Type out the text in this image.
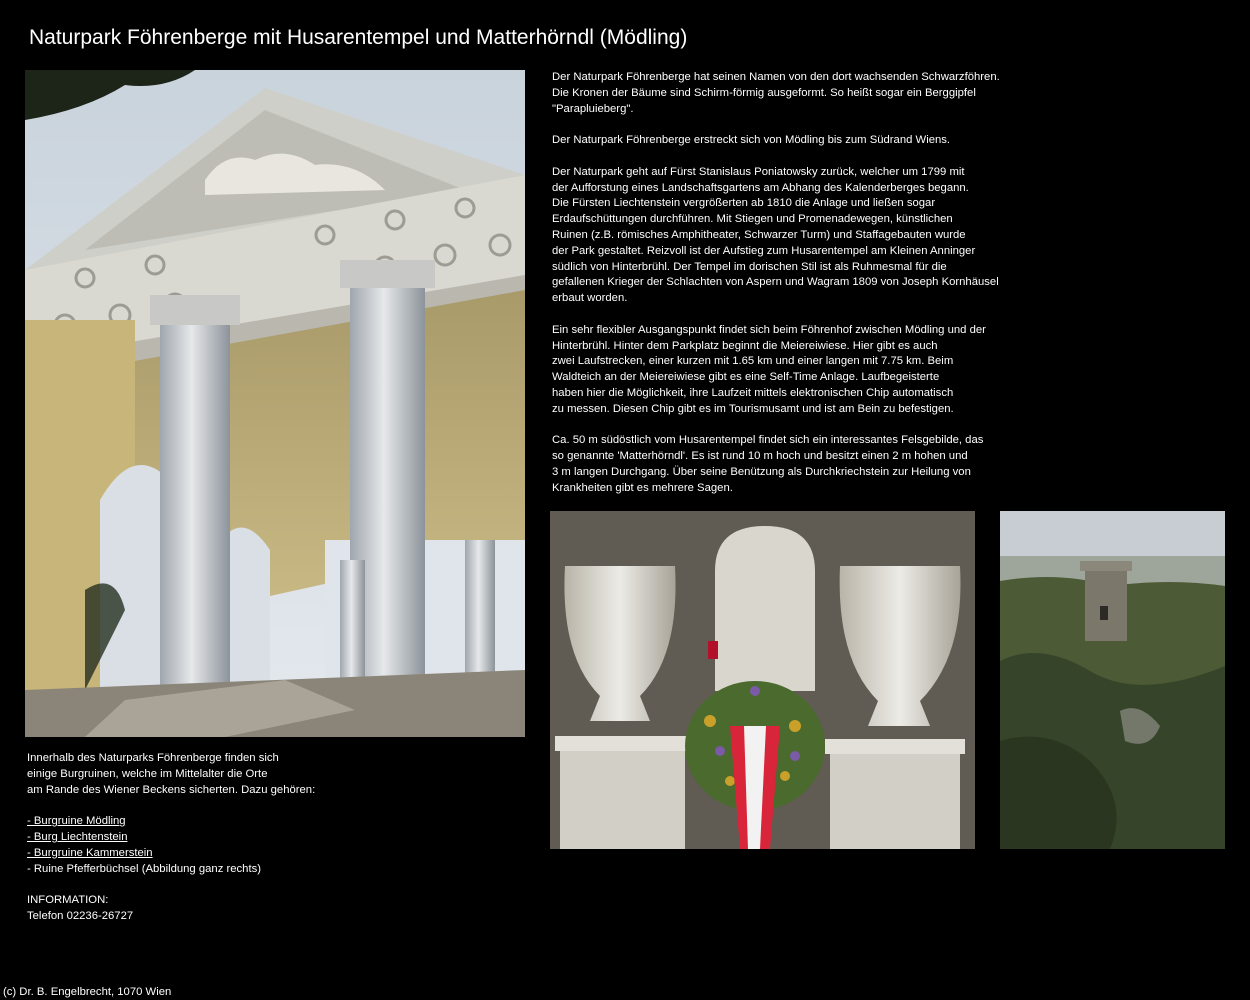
Naturpark Föhrenberge mit Husarentempel und Matterhörndl (Mödling)

Der Naturpark Föhrenberge hat seinen Namen von den dort wachsenden Schwarzföhren.
Die Kronen der Bäume sind Schirm-förmig ausgeformt. So heißt sogar ein Berggipfel
"Parapluieberg".

Der Naturpark Föhrenberge erstreckt sich von Mödling bis zum Südrand Wiens.

Der Naturpark geht auf Fürst Stanislaus Poniatowsky zurück, welcher um 1799 mit
der Aufforstung eines Landschaftsgartens am Abhang des Kalenderberges begann.
Die Fürsten Liechtenstein vergrößerten ab 1810 die Anlage und ließen sogar
Erdaufschüttungen durchführen. Mit Stiegen und Promenadewegen, künstlichen
Ruinen (z.B. römisches Amphitheater, Schwarzer Turm) und Staffagebauten wurde
der Park gestaltet. Reizvoll ist der Aufstieg zum Husarentempel am Kleinen Anninger
südlich von Hinterbrühl. Der Tempel im dorischen Stil ist als Ruhmesmal für die
gefallenen Krieger der Schlachten von Aspern und Wagram 1809 von Joseph Kornhäusel
erbaut worden.

Ein sehr flexibler Ausgangspunkt findet sich beim Föhrenhof zwischen Mödling und der
Hinterbrühl. Hinter dem Parkplatz beginnt die Meiereiwiese. Hier gibt es auch
zwei Laufstrecken, einer kurzen mit 1.65 km und einer langen mit 7.75 km. Beim
Waldteich an der Meiereiwiese gibt es eine Self-Time Anlage. Laufbegeisterte
haben hier die Möglichkeit, ihre Laufzeit mittels elektronischen Chip automatisch
zu messen. Diesen Chip gibt es im Tourismusamt und ist am Bein zu befestigen.

Ca. 50 m südöstlich vom Husarentempel findet sich ein interessantes Felsgebilde, das
so genannte 'Matterhörndl'. Es ist rund 10 m hoch und besitzt einen 2 m hohen und
3 m langen Durchgang. Über seine Benützung als Durchkriechstein zur Heilung von
Krankheiten gibt es mehrere Sagen.

Innerhalb des Naturparks Föhrenberge finden sich
einige Burgruinen, welche im Mittelalter die Orte
am Rande des Wiener Beckens sicherten. Dazu gehören:

- Burgruine Mödling
- Burg Liechtenstein
- Burgruine Kammerstein
- Ruine Pfefferbüchsel (Abbildung ganz rechts)
INFORMATION:
Telefon 02236-26727
(c) Dr. B. Engelbrecht, 1070 Wien
